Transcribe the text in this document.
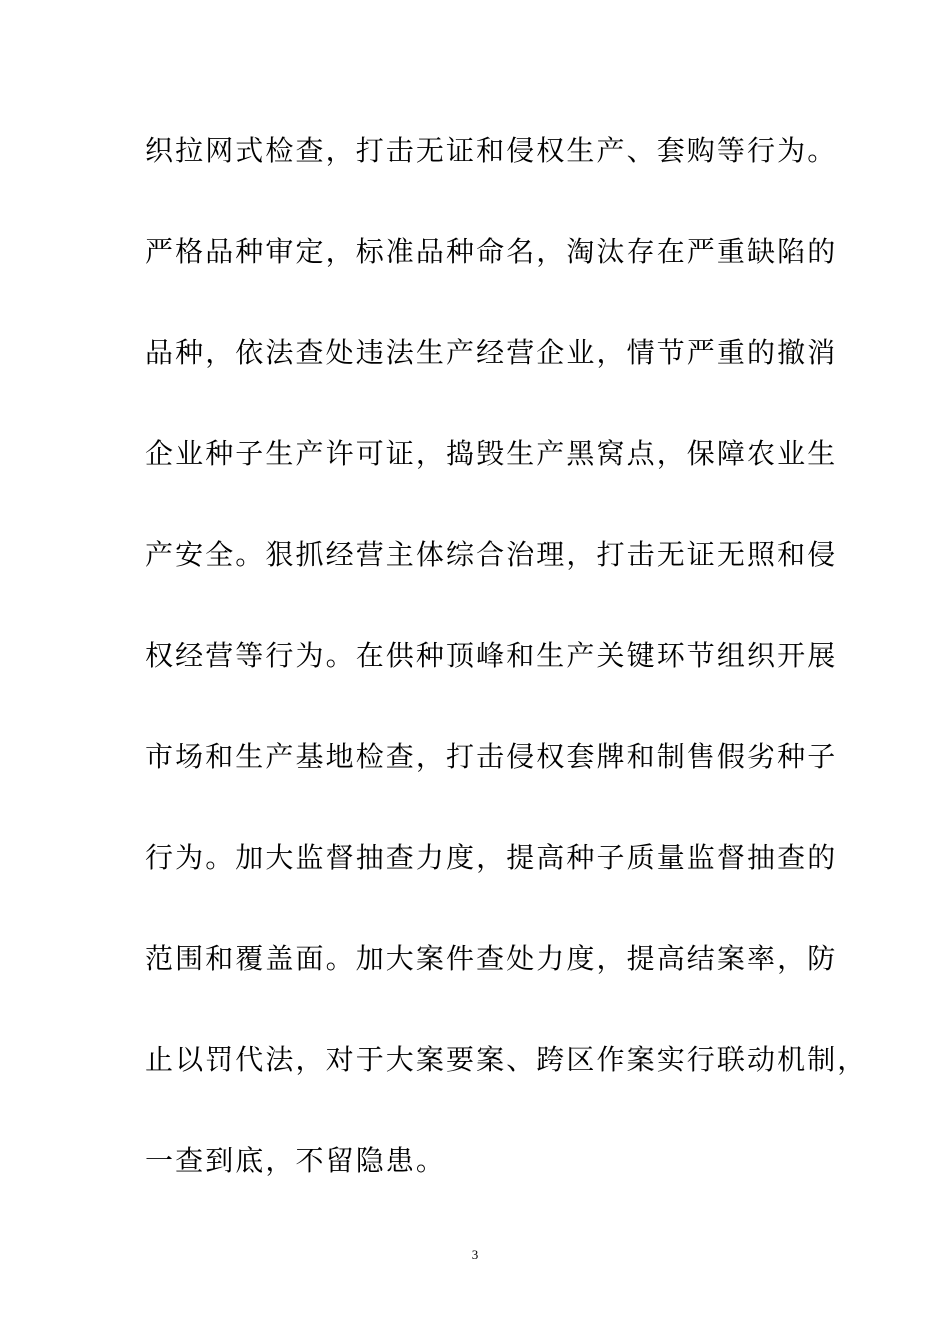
织拉网式检查，打击无证和侵权生产、套购等行为。
严格品种审定，标准品种命名，淘汰存在严重缺陷的
品种，依法查处违法生产经营企业，情节严重的撤消
企业种子生产许可证，捣毁生产黑窝点，保障农业生
产安全。狠抓经营主体综合治理，打击无证无照和侵
权经营等行为。在供种顶峰和生产关键环节组织开展
市场和生产基地检查，打击侵权套牌和制售假劣种子
行为。加大监督抽查力度，提高种子质量监督抽查的
范围和覆盖面。加大案件查处力度，提高结案率，防
止以罚代法，对于大案要案、跨区作案实行联动机制，
一查到底，不留隐患。
3
